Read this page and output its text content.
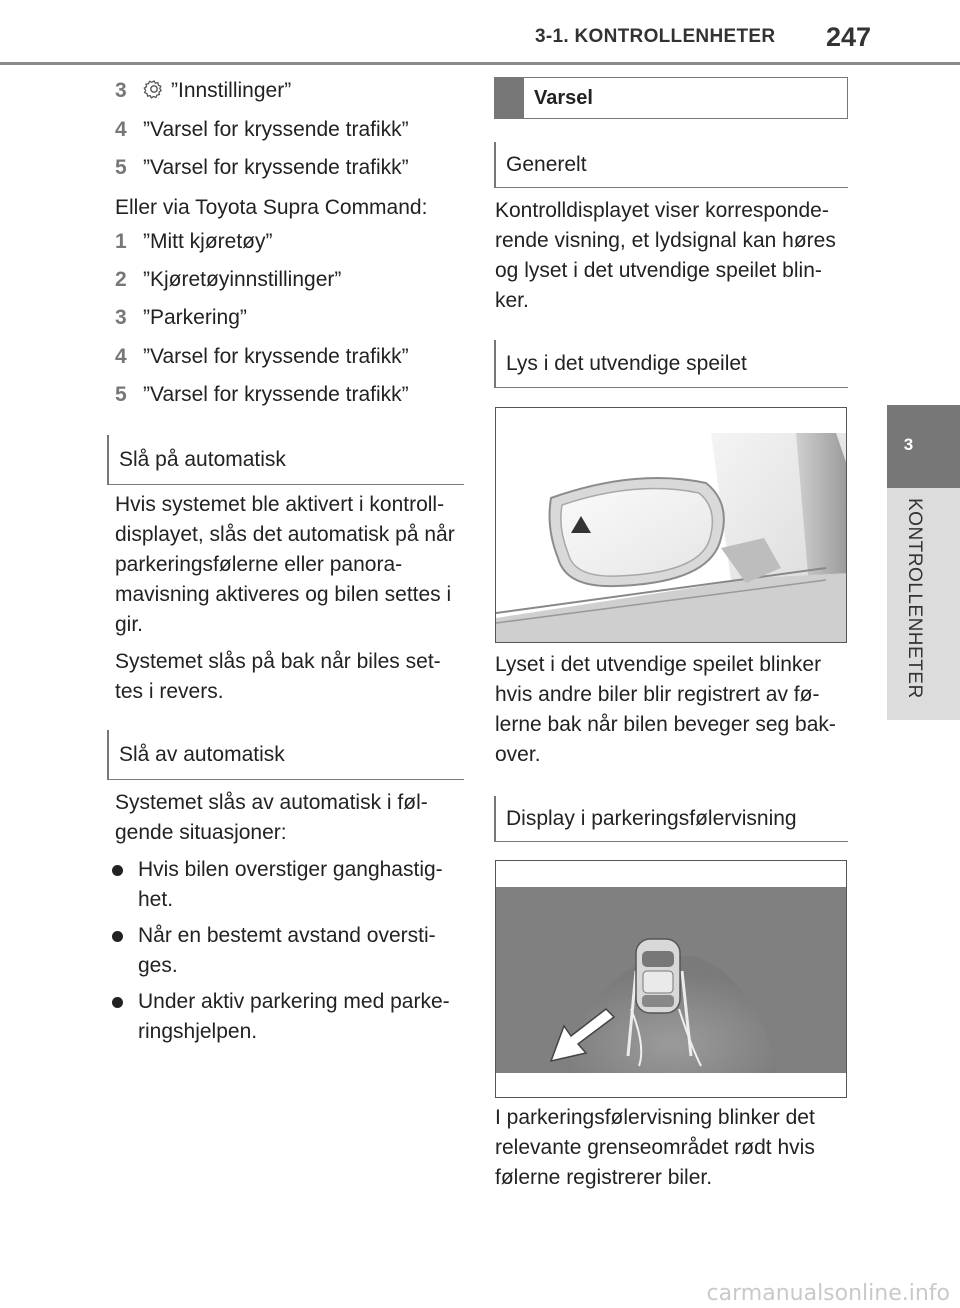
3-1. KONTROLLENHETER 247
3
KONTROLLENHETER
3 ”Innstillinger”
4 ”Varsel for kryssende trafikk”
5 ”Varsel for kryssende trafikk”
Eller via Toyota Supra Command:
1 ”Mitt kjøretøy”
2 ”Kjøretøyinnstillinger”
3 ”Parkering”
4 ”Varsel for kryssende trafikk”
5 ”Varsel for kryssende trafikk”
Slå på automatisk
Hvis systemet ble aktivert i kontroll-
displayet, slås det automatisk på når
parkeringsfølerne eller panora-
mavisning aktiveres og bilen settes i
gir.
Systemet slås på bak når biles set-
tes i revers.
Slå av automatisk
Systemet slås av automatisk i føl-
gende situasjoner:
Hvis bilen overstiger ganghastig-
het.
Når en bestemt avstand oversti-
ges.
Under aktiv parkering med parke-
ringshjelpen.
Varsel
Generelt
Kontrolldisplayet viser korresponde-
rende visning, et lydsignal kan høres
og lyset i det utvendige speilet blin-
ker.
Lys i det utvendige speilet
Lyset i det utvendige speilet blinker
hvis andre biler blir registrert av fø-
lerne bak når bilen beveger seg bak-
over.
Display i parkeringsfølervisning
I parkeringsfølervisning blinker det
relevante grenseområdet rødt hvis
følerne registrerer biler.
carmanualsonline.info
